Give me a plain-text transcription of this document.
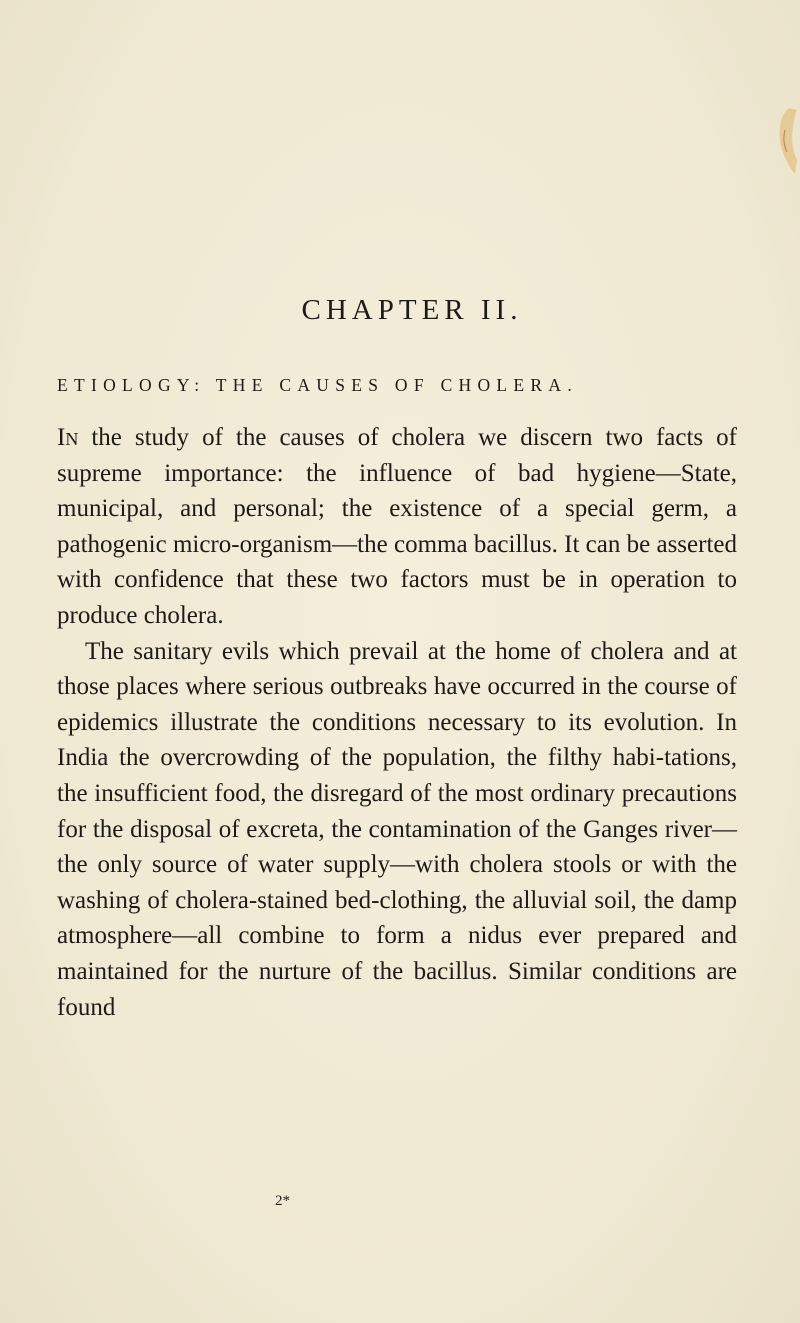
CHAPTER II.
ETIOLOGY: THE CAUSES OF CHOLERA.

In the study of the causes of cholera we discern two facts of supreme importance: the influence of bad hygiene—State, municipal, and personal; the existence of a special germ, a pathogenic micro-organism—the comma bacillus. It can be asserted with confidence that these two factors must be in operation to produce cholera.

The sanitary evils which prevail at the home of cholera and at those places where serious outbreaks have occurred in the course of epidemics illustrate the conditions necessary to its evolution. In India the overcrowding of the population, the filthy habi-tations, the insufficient food, the disregard of the most ordinary precautions for the disposal of excreta, the contamination of the Ganges river—the only source of water supply—with cholera stools or with the washing of cholera-stained bed-clothing, the alluvial soil, the damp atmosphere—all combine to form a nidus ever prepared and maintained for the nurture of the bacillus. Similar conditions are found

2*
